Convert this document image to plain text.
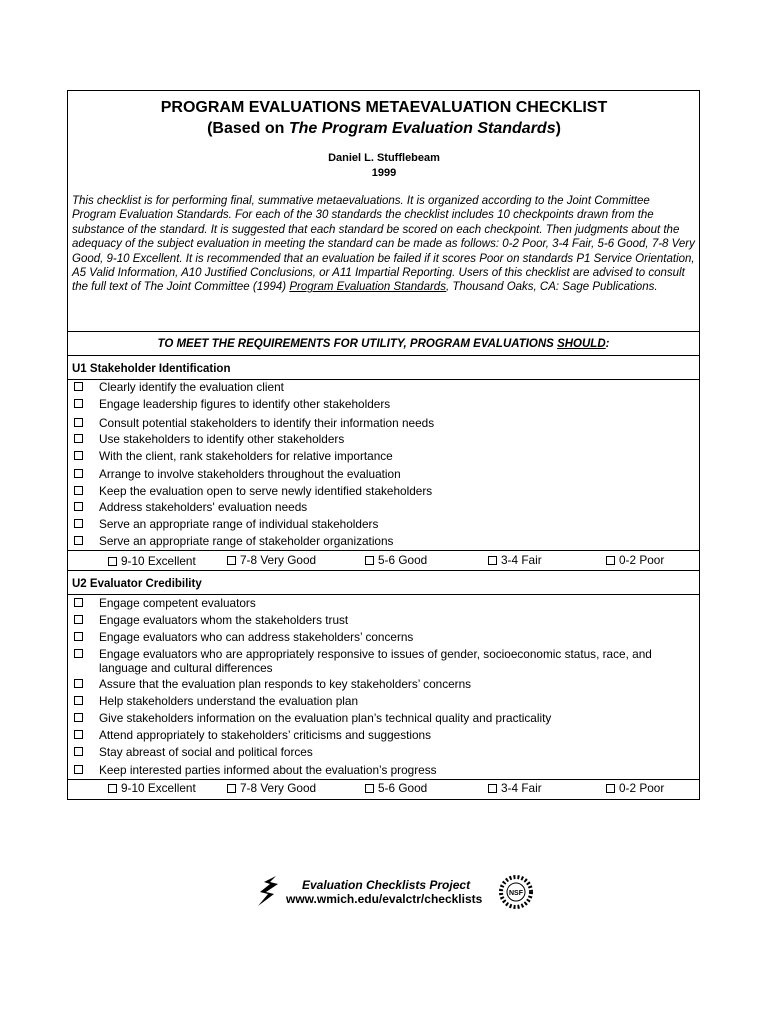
PROGRAM EVALUATIONS METAEVALUATION CHECKLIST
(Based on The Program Evaluation Standards)
Daniel L. Stufflebeam
1999
This checklist is for performing final, summative metaevaluations. It is organized according to the Joint Committee Program Evaluation Standards. For each of the 30 standards the checklist includes 10 checkpoints drawn from the substance of the standard. It is suggested that each standard be scored on each checkpoint. Then judgments about the adequacy of the subject evaluation in meeting the standard can be made as follows: 0-2 Poor, 3-4 Fair, 5-6 Good, 7-8 Very Good, 9-10 Excellent. It is recommended that an evaluation be failed if it scores Poor on standards P1 Service Orientation, A5 Valid Information, A10 Justified Conclusions, or A11 Impartial Reporting. Users of this checklist are advised to consult the full text of The Joint Committee (1994) Program Evaluation Standards, Thousand Oaks, CA: Sage Publications.
TO MEET THE REQUIREMENTS FOR UTILITY, PROGRAM EVALUATIONS SHOULD:
U1 Stakeholder Identification
Clearly identify the evaluation client
Engage leadership figures to identify other stakeholders
Consult potential stakeholders to identify their information needs
Use stakeholders to identify other stakeholders
With the client, rank stakeholders for relative importance
Arrange to involve stakeholders throughout the evaluation
Keep the evaluation open to serve newly identified stakeholders
Address stakeholders' evaluation needs
Serve an appropriate range of individual stakeholders
Serve an appropriate range of stakeholder organizations
9-10 Excellent	7-8 Very Good	5-6 Good	3-4 Fair	0-2 Poor
U2 Evaluator Credibility
Engage competent evaluators
Engage evaluators whom the stakeholders trust
Engage evaluators who can address stakeholders’ concerns
Engage evaluators who are appropriately responsive to issues of gender, socioeconomic status, race, and language and cultural differences
Assure that the evaluation plan responds to key stakeholders’ concerns
Help stakeholders understand the evaluation plan
Give stakeholders information on the evaluation plan’s technical quality and practicality
Attend appropriately to stakeholders’ criticisms and suggestions
Stay abreast of social and political forces
Keep interested parties informed about the evaluation’s progress
9-10 Excellent	7-8 Very Good	5-6 Good	3-4 Fair	0-2 Poor
Evaluation Checklists Project
www.wmich.edu/evalctr/checklists	NSF
